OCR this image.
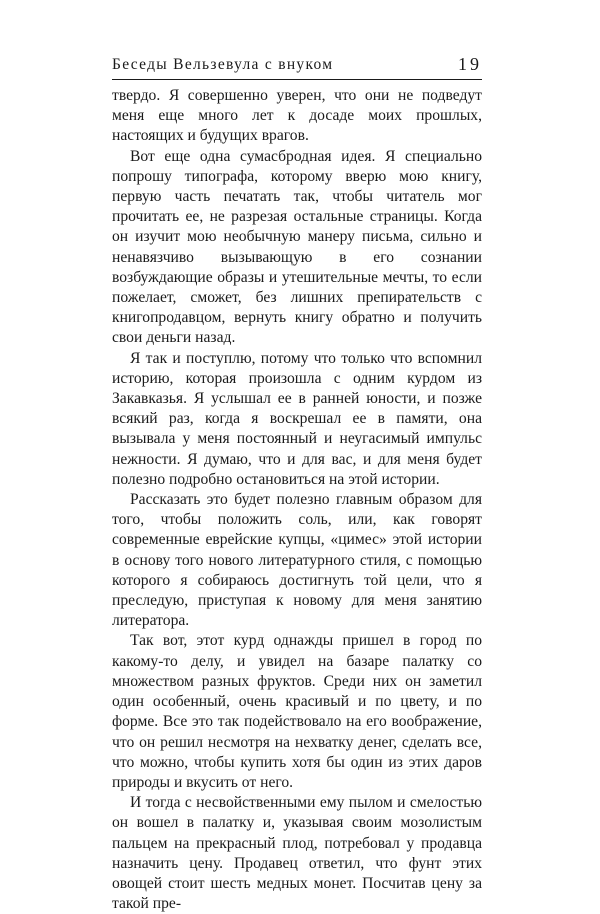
Беседы Вельзевула с внуком	19

твердо. Я совершенно уверен, что они не подведут меня еще много лет к досаде моих прошлых, настоящих и будущих врагов.

Вот еще одна сумасбродная идея. Я специально попрошу типографа, которому вверю мою книгу, первую часть печатать так, чтобы читатель мог прочитать ее, не разрезая остальные страницы. Когда он изучит мою необычную манеру письма, сильно и ненавязчиво вызывающую в его сознании возбуждающие образы и утешительные мечты, то если пожелает, сможет, без лишних препирательств с книгопродавцом, вернуть книгу обратно и получить свои деньги назад.

Я так и поступлю, потому что только что вспомнил историю, которая произошла с одним курдом из Закавказья. Я услышал ее в ранней юности, и позже всякий раз, когда я воскрешал ее в памяти, она вызывала у меня постоянный и неугасимый импульс нежности. Я думаю, что и для вас, и для меня будет полезно подробно остановиться на этой истории.

Рассказать это будет полезно главным образом для того, чтобы положить соль, или, как говорят современные еврейские купцы, «цимес» этой истории в основу того нового литературного стиля, с помощью которого я собираюсь достигнуть той цели, что я преследую, приступая к новому для меня занятию литератора.

Так вот, этот курд однажды пришел в город по какому-то делу, и увидел на базаре палатку со множеством разных фруктов. Среди них он заметил один особенный, очень красивый и по цвету, и по форме. Все это так подействовало на его воображение, что он решил несмотря на нехватку денег, сделать все, что можно, чтобы купить хотя бы один из этих даров природы и вкусить от него.

И тогда с несвойственными ему пылом и смелостью он вошел в палатку и, указывая своим мозолистым пальцем на прекрасный плод, потребовал у продавца назначить цену. Продавец ответил, что фунт этих овощей стоит шесть медных монет. Посчитав цену за такой пре-
